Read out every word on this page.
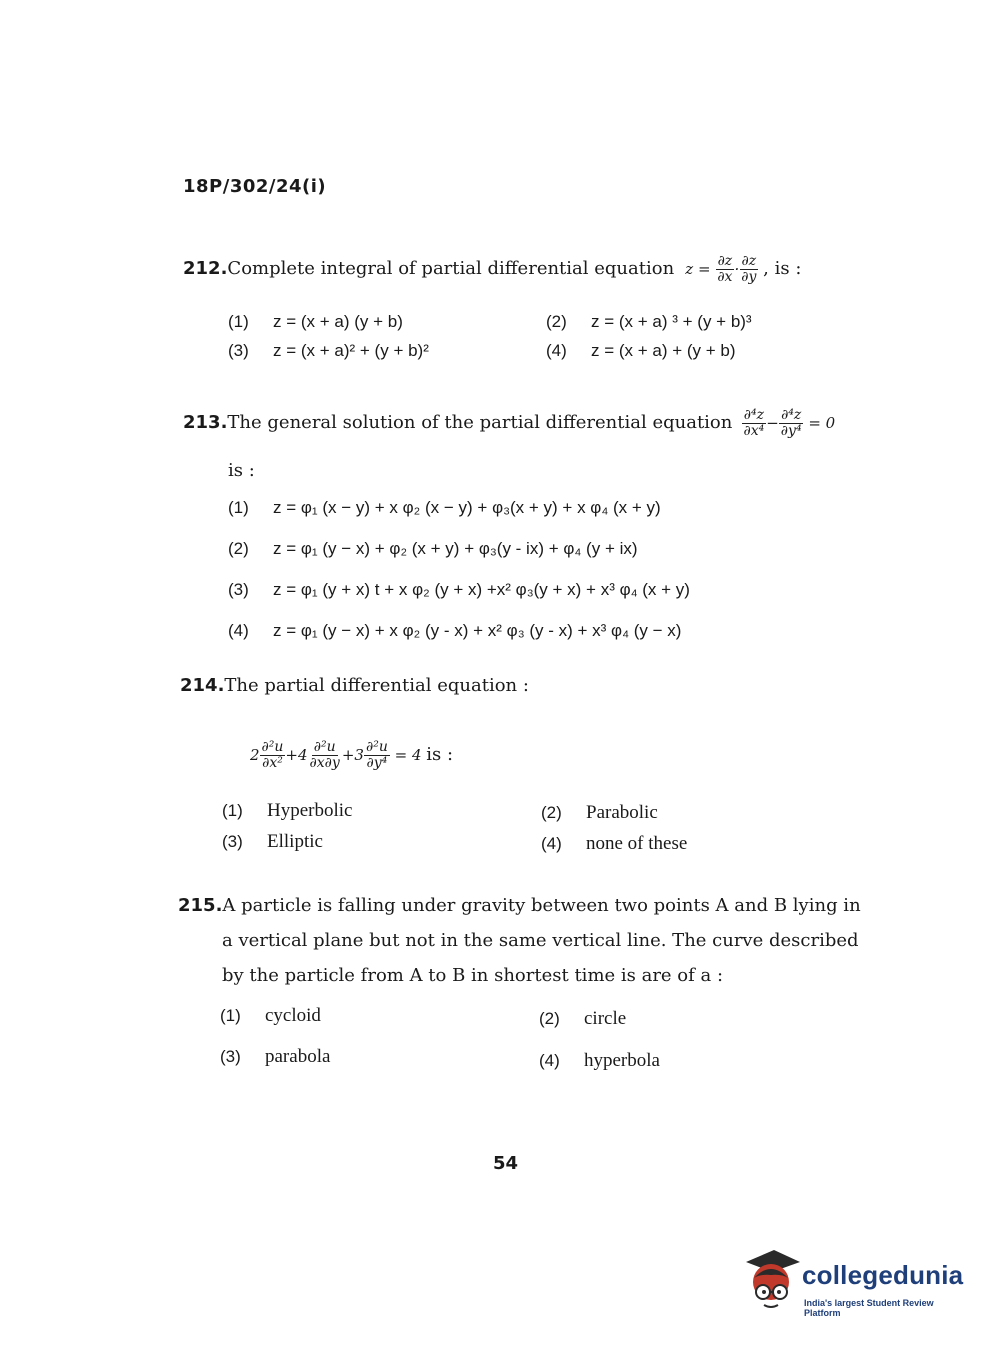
18P/302/24(i)
212.Complete integral of partial differential equation $z = \frac{\partial z}{\partial x} \cdot \frac{\partial z}{\partial y}$ , is :
(1) z = (x + a) (y + b)	(2) z = (x + a) ³ + (y + b)³
(3) z = (x + a)² + (y + b)²	(4) z = (x + a) + (y + b)
213.The general solution of the partial differential equation $\frac{\text{∂⁴z}}{\text{∂x⁴}} - \frac{\text{∂⁴z}}{\text{∂y⁴}} = 0$
is :
(1) z = φ₁ (x − y) + x φ₂ (x − y) + φ₃(x + y) + x φ₄ (x + y)
(2) z = φ₁ (y − x) + φ₂ (x + y) + φ₃(y - ix) + φ₄ (y + ix)
(3) z = φ₁ (y + x) t + x φ₂ (y + x) +x² φ₃(y + x) + x³ φ₄ (x + y)
(4) z = φ₁ (y − x) + x φ₂ (y - x) + x² φ₃ (y - x) + x³ φ₄ (y − x)
214.The partial differential equation :
$2 \frac{\text{∂²u}}{\text{∂x²}} +4 \frac{\text{∂²u}}{\partial x\partial y} +3 \frac{\text{∂²u}}{\text{∂y⁴}} = 4$ is :
(1) Hyperbolic	(2) Parabolic
(3) Elliptic	(4) none of these
215.A particle is falling under gravity between two points A and B lying in
a vertical plane but not in the same vertical line. The curve described
by the particle from A to B in shortest time is are of a :
(1) cycloid	(2) circle
(3) parabola	(4) hyperbola
54
collegedunia
India's largest Student Review Platform
